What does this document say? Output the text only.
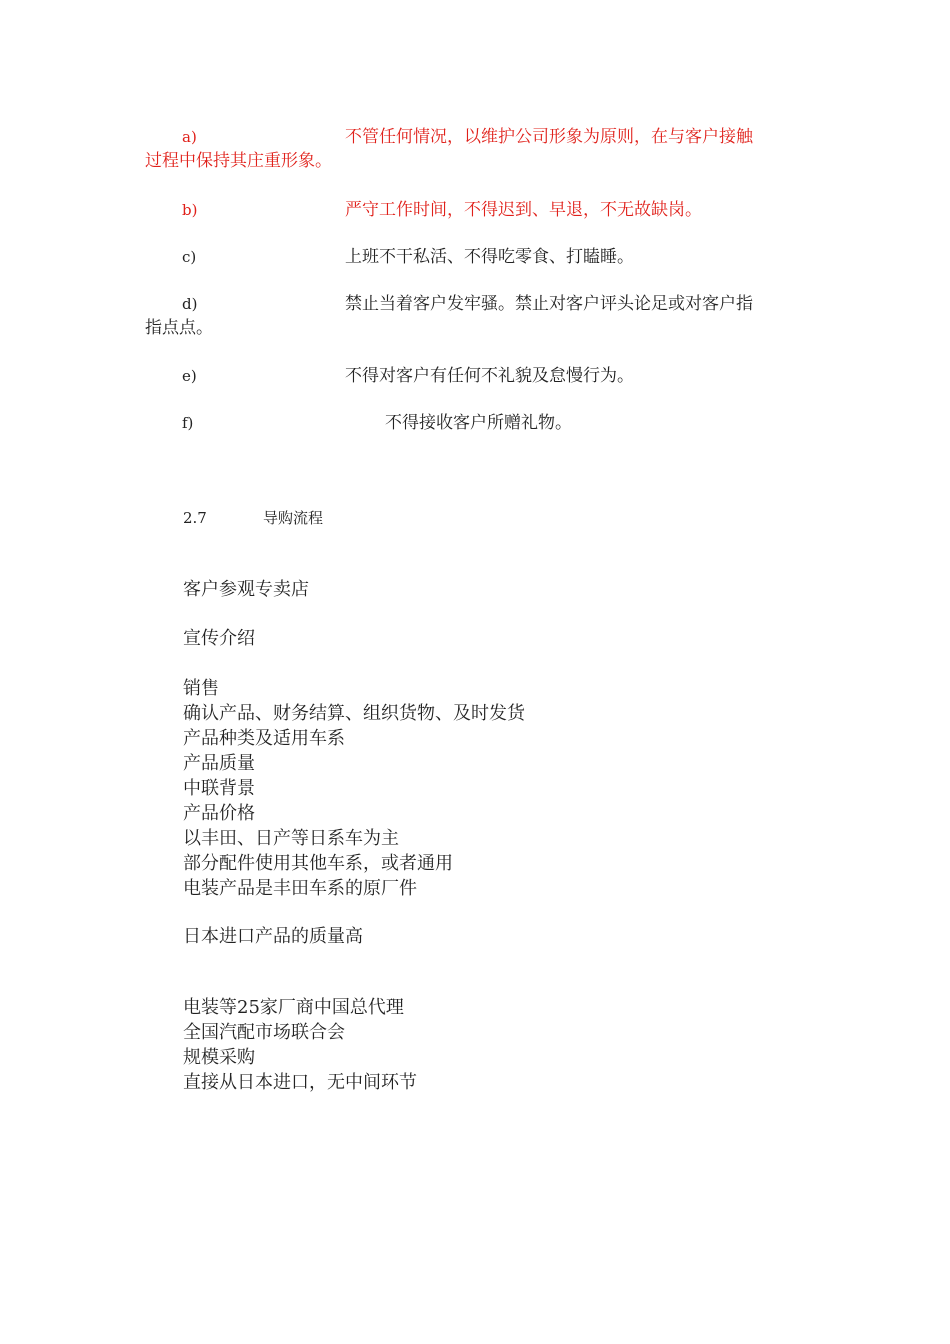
a)	不管任何情况，以维护公司形象为原则，在与客户接触
过程中保持其庄重形象。
b)	严守工作时间，不得迟到、早退，不无故缺岗。
c)	上班不干私活、不得吃零食、打瞌睡。
d)	禁止当着客户发牢骚。禁止对客户评头论足或对客户指
指点点。
e)	不得对客户有任何不礼貌及怠慢行为。
f)	不得接收客户所赠礼物。
2.7	导购流程
客户参观专卖店
宣传介绍
销售
确认产品、财务结算、组织货物、及时发货
产品种类及适用车系
产品质量
中联背景
产品价格
以丰田、日产等日系车为主
部分配件使用其他车系，或者通用
电装产品是丰田车系的原厂件
日本进口产品的质量高
电装等25家厂商中国总代理
全国汽配市场联合会
规模采购
直接从日本进口，无中间环节
